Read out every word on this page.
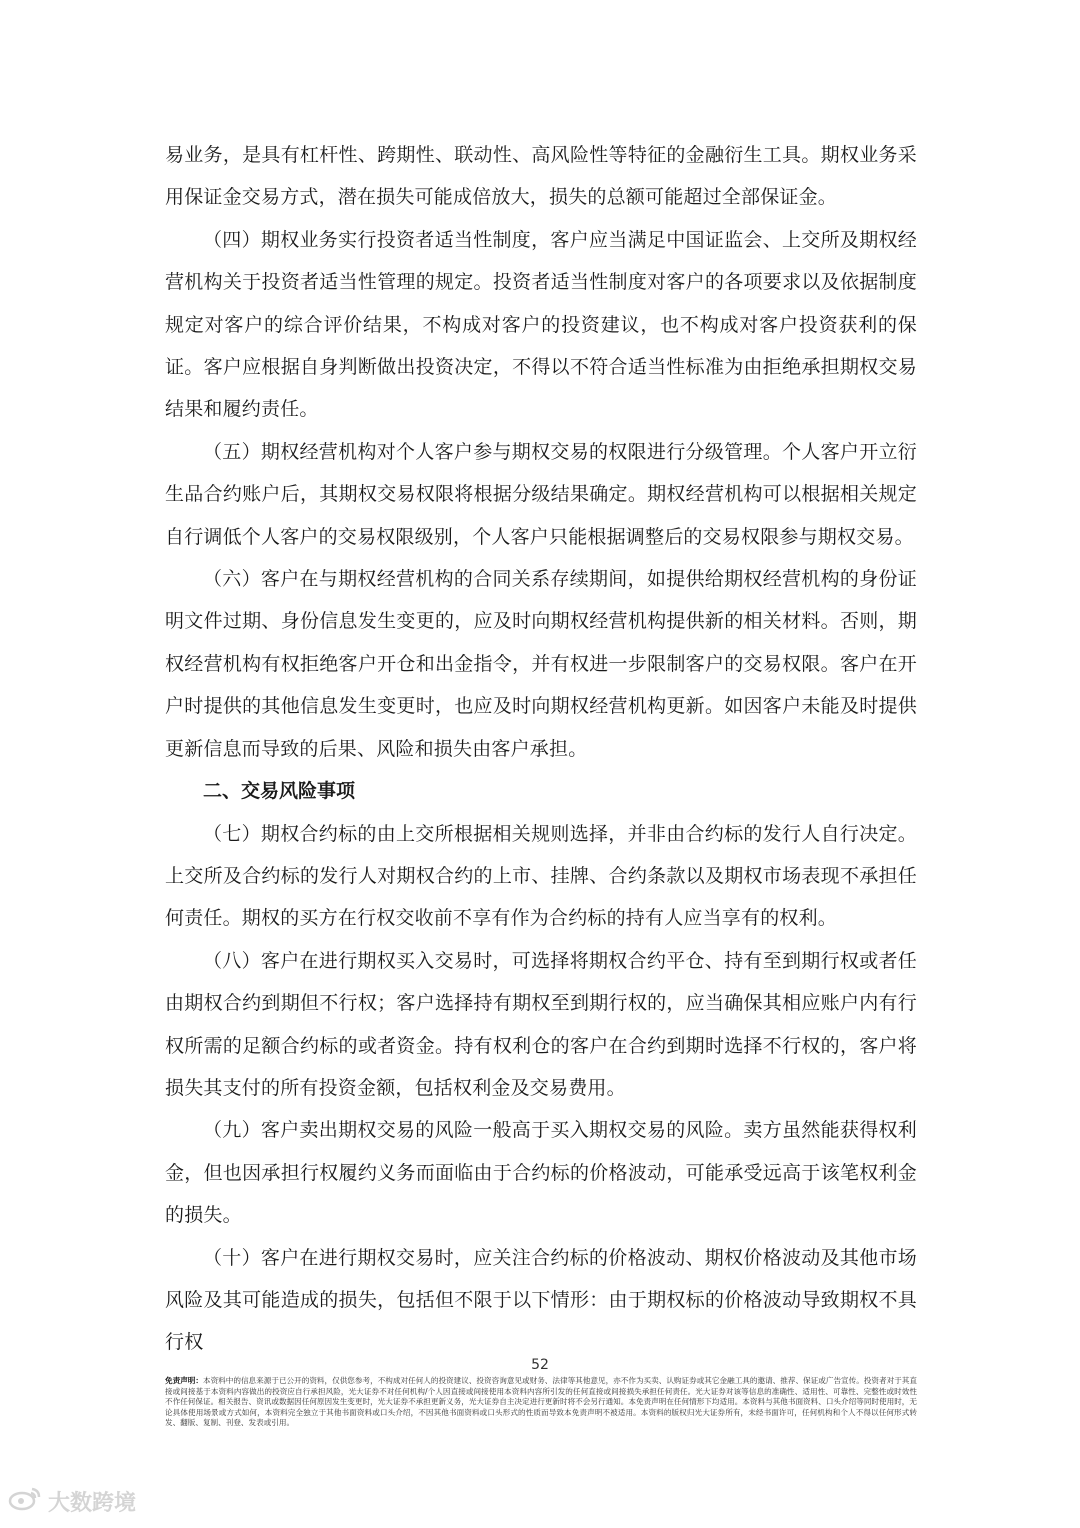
易业务，是具有杠杆性、跨期性、联动性、高风险性等特征的金融衍生工具。期权业务采用保证金交易方式，潜在损失可能成倍放大，损失的总额可能超过全部保证金。

（四）期权业务实行投资者适当性制度，客户应当满足中国证监会、上交所及期权经营机构关于投资者适当性管理的规定。投资者适当性制度对客户的各项要求以及依据制度规定对客户的综合评价结果，不构成对客户的投资建议，也不构成对客户投资获利的保证。客户应根据自身判断做出投资决定，不得以不符合适当性标准为由拒绝承担期权交易结果和履约责任。

（五）期权经营机构对个人客户参与期权交易的权限进行分级管理。个人客户开立衍生品合约账户后，其期权交易权限将根据分级结果确定。期权经营机构可以根据相关规定自行调低个人客户的交易权限级别，个人客户只能根据调整后的交易权限参与期权交易。

（六）客户在与期权经营机构的合同关系存续期间，如提供给期权经营机构的身份证明文件过期、身份信息发生变更的，应及时向期权经营机构提供新的相关材料。否则，期权经营机构有权拒绝客户开仓和出金指令，并有权进一步限制客户的交易权限。客户在开户时提供的其他信息发生变更时，也应及时向期权经营机构更新。如因客户未能及时提供更新信息而导致的后果、风险和损失由客户承担。

二、交易风险事项

（七）期权合约标的由上交所根据相关规则选择，并非由合约标的发行人自行决定。上交所及合约标的发行人对期权合约的上市、挂牌、合约条款以及期权市场表现不承担任何责任。期权的买方在行权交收前不享有作为合约标的持有人应当享有的权利。

（八）客户在进行期权买入交易时，可选择将期权合约平仓、持有至到期行权或者任由期权合约到期但不行权；客户选择持有期权至到期行权的，应当确保其相应账户内有行权所需的足额合约标的或者资金。持有权利仓的客户在合约到期时选择不行权的，客户将损失其支付的所有投资金额，包括权利金及交易费用。

（九）客户卖出期权交易的风险一般高于买入期权交易的风险。卖方虽然能获得权利金，但也因承担行权履约义务而面临由于合约标的价格波动，可能承受远高于该笔权利金的损失。

（十）客户在进行期权交易时，应关注合约标的价格波动、期权价格波动及其他市场风险及其可能造成的损失，包括但不限于以下情形：由于期权标的价格波动导致期权不具行权

52
免责声明：本资料中的信息来源于已公开的资料，仅供您参考，不构成对任何人的投资建议、投资咨询意见或财务、法律等其他意见，亦不作为买卖、认购证券或其它金融工具的邀请、推荐、保证或广告宣传。投资者对于其直接或间接基于本资料内容做出的投资应自行承担风险，光大证券不对任何机构/个人因直接或间接使用本资料内容所引发的任何直接或间接损失承担任何责任。光大证券对该等信息的准确性、适用性、可靠性、完整性或时效性不作任何保证。相关报告、资讯或数据因任何原因发生变更时，光大证券不承担更新义务，光大证券自主决定进行更新时将不会另行通知。本免责声明在任何情形下均适用。本资料与其他书面资料、口头介绍等同时使用时，无论具体使用场景或方式如何，本资料完全独立于其他书面资料或口头介绍，不因其他书面资料或口头形式的性质而导致本免责声明不被适用。本资料的版权归光大证券所有，未经书面许可，任何机构和个人不得以任何形式转发、翻版、复制、刊登、发表或引用。
大数跨境
